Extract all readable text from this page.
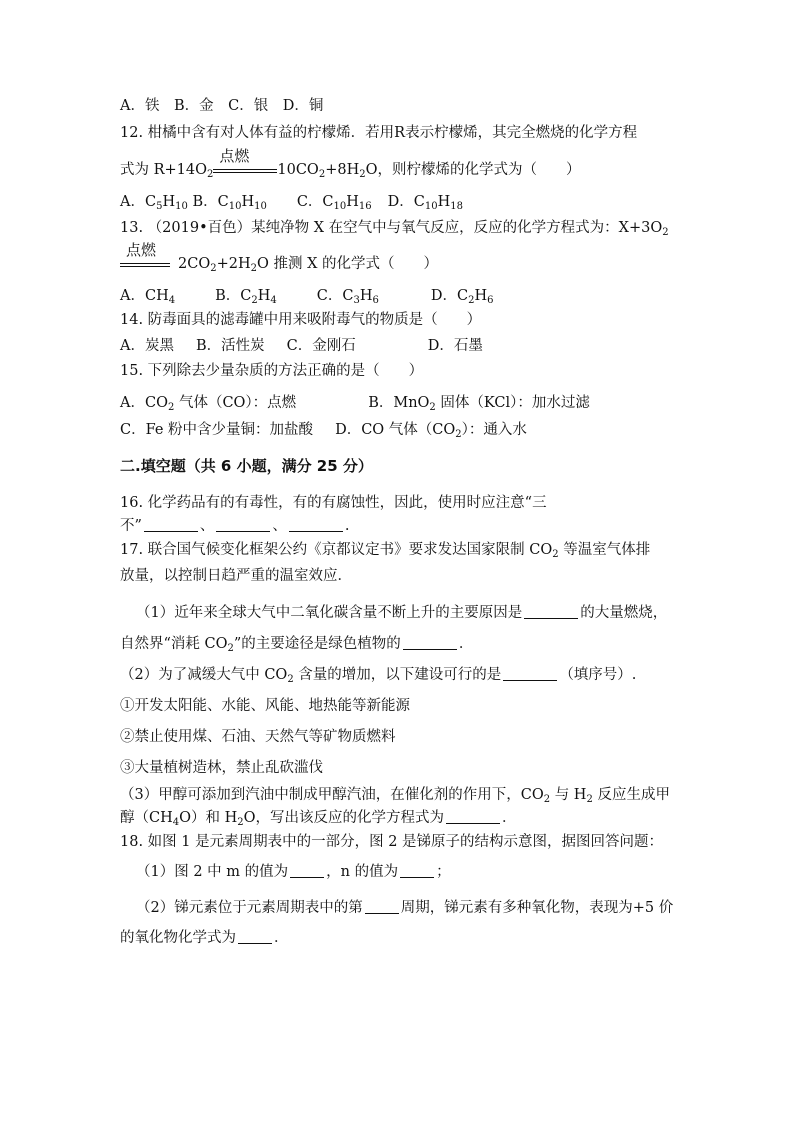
A．铁　B．金　C．银　D．铜
12. 柑橘中含有对人体有益的柠檬烯．若用R表示柠檬烯，其完全燃烧的化学方程
式为 $R+14O_2$
点燃
$10CO_2+8H_2O$，则柠檬烯的化学式为（　　）
A．$C_5H_{10}$ B．$C_{10}H_{10}$ C．$C_{10}H_{16}$ D．$C_{10}H_{18}$
13. （2019•百色）某纯净物 X 在空气中与氧气反应，反应的化学方程式为：$X+3O_2$
点燃
$2CO_2+2H_2O$ 推测 X 的化学式（　　）
A．$CH_4$	B．$C_2H_4$	C．$C_3H_6$	D．$C_2H_6$
14. 防毒面具的滤毒罐中用来吸附毒气的物质是（　　）
A．炭黑 B．活性炭 C．金刚石	D．石墨
15. 下列除去少量杂质的方法正确的是（　　）
A．$CO_2$ 气体（CO）：点燃	B．MnO$_2$ 固体（KCl）：加水过滤
C．Fe 粉中含少量铜：加盐酸 D．CO 气体$(CO_2)$：通入水
二.填空题（共 6 小题，满分 25 分）
16. 化学药品有的有毒性，有的有腐蚀性，因此，使用时应注意“三
不”	、	、	.
17. 联合国气候变化框架公约《京都议定书》要求发达国家限制 $CO_2$ 等温室气体排
放量，以控制日趋严重的温室效应．
（1）近年来全球大气中二氧化碳含量不断上升的主要原因是	的大量燃烧，
自然界“消耗 $CO_2$”的主要途径是绿色植物的	．
（2）为了减缓大气中 $CO_2$ 含量的增加，以下建设可行的是	（填序号）.
①开发太阳能、水能、风能、地热能等新能源
②禁止使用煤、石油、天然气等矿物质燃料
③大量植树造林，禁止乱砍滥伐
（3）甲醇可添加到汽油中制成甲醇汽油，在催化剂的作用下，$CO_2$ 与 $H_2$ 反应生成甲
醇$(CH_4O)$和 $H_2O$，写出该反应的化学方程式为	．
18. 如图 1 是元素周期表中的一部分，图 2 是锑原子的结构示意图，据图回答问题：
（1）图 2 中 m 的值为	，n 的值为	；
（2）锑元素位于元素周期表中的第	周期，锑元素有多种氧化物，表现为+5 价
的氧化物化学式为	．
